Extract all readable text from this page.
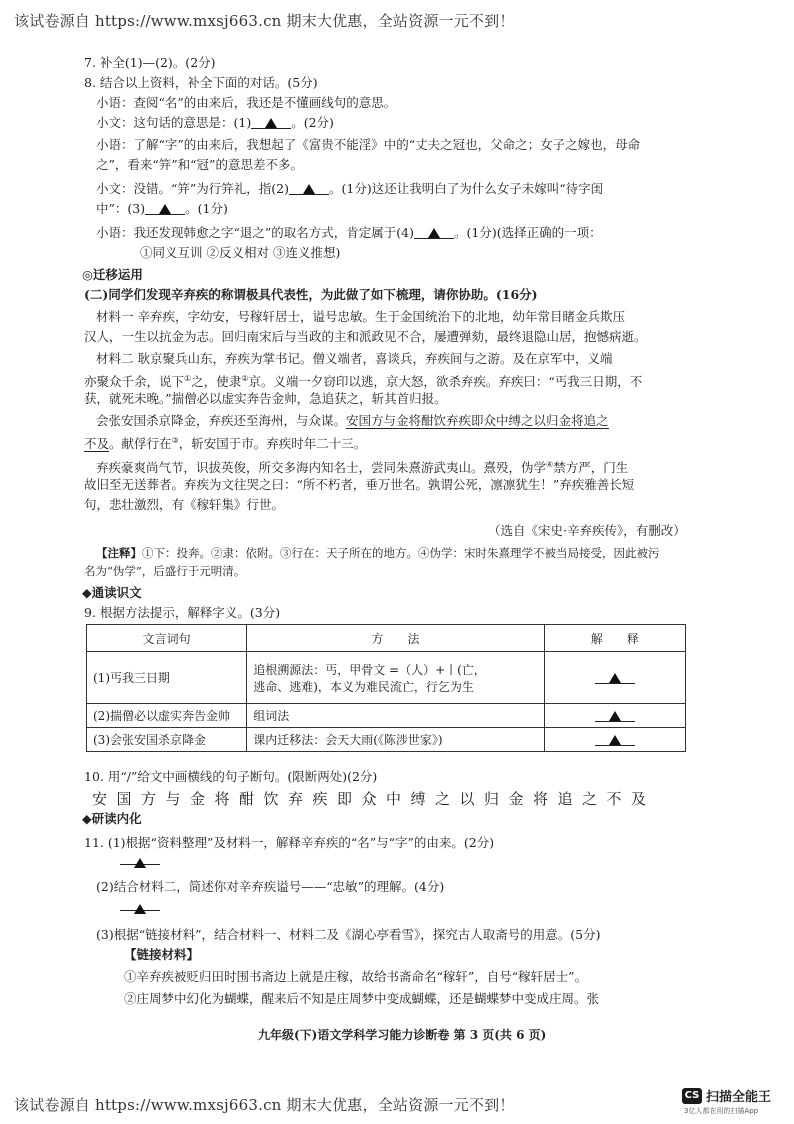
该试卷源自 https://www.mxsj663.cn 期末大优惠，全站资源一元不到！
该试卷源自 https://www.mxsj663.cn 期末大优惠，全站资源一元不到！
7. 补全(1)—(2)。(2分)
8. 结合以上资料，补全下面的对话。(5分)
小语：查阅“名”的由来后，我还是不懂画线句的意思。
小文：这句话的意思是：(1)	。(2分)
小语：了解“字”的由来后，我想起了《富贵不能淫》中的“丈夫之冠也，父命之；女子之嫁也，母命
之”，看来“笄”和“冠”的意思差不多。
小文：没错。“笄”为行笄礼，指(2)	。(1分)这还让我明白了为什么女子未嫁叫“待字闺
中”：(3)	。(1分)
小语：我还发现韩愈之字“退之”的取名方式，肯定属于(4)	。(1分)(选择正确的一项：
①同义互训 ②反义相对 ③连义推想)
◎迁移运用
(二)同学们发现辛弃疾的称谓极具代表性，为此做了如下梳理，请你协助。(16分)
材料一 辛弃疾，字幼安，号稼轩居士，谥号忠敏。生于金国统治下的北地，幼年常目睹金兵欺压
汉人，一生以抗金为志。回归南宋后与当政的主和派政见不合，屡遭弹劾，最终退隐山居，抱憾病逝。
材料二 耿京聚兵山东，弃疾为掌书记。僧义端者，喜谈兵，弃疾间与之游。及在京军中，义端
亦聚众千余，说下①之，使隶②京。义端一夕窃印以逃，京大怒，欲杀弃疾。弃疾曰：“丐我三日期，不
获，就死未晚。”揣僧必以虚实奔告金帅，急追获之，斩其首归报。
会张安国杀京降金，弃疾还至海州，与众谋。安国方与金将酣饮弃疾即众中缚之以归金将追之
不及。献俘行在③，斩安国于市。弃疾时年二十三。
弃疾豪爽尚气节，识拔英俊，所交多海内知名士，尝同朱熹游武夷山。熹殁，伪学④禁方严，门生
故旧至无送葬者。弃疾为文往哭之曰：“所不朽者，垂万世名。孰谓公死，凛凛犹生！”弃疾雅善长短
句，悲壮激烈，有《稼轩集》行世。
（选自《宋史·辛弃疾传》，有删改）
【注释】①下：投奔。②隶：依附。③行在：天子所在的地方。④伪学：宋时朱熹理学不被当局接受，因此被污
名为“伪学”，后盛行于元明清。
◆通读识文
9. 根据方法提示，解释字义。(3分)
文言词句	方　　法	解　　释
(1)丐我三日期	追根溯源法：丐，甲骨文 =（人）+丨(亡，
逃命、逃难)，本义为难民流亡，行乞为生	

(2)揣僧必以虚实奔告金帅	组词法	
(3)会张安国杀京降金	课内迁移法：会天大雨(《陈涉世家》)	
10. 用“/”给文中画横线的句子断句。(限断两处)(2分)
安国方与金将酣饮弃疾即众中缚之以归金将追之不及
◆研读内化
11. (1)根据“资料整理”及材料一，解释辛弃疾的“名”与“字”的由来。(2分)
(2)结合材料二，简述你对辛弃疾谥号——“忠敏”的理解。(4分)
(3)根据“链接材料”，结合材料一、材料二及《湖心亭看雪》，探究古人取斋号的用意。(5分)
【链接材料】
①辛弃疾被贬归田时围书斋边上就是庄稼，故给书斋命名“稼轩”，自号“稼轩居士”。
②庄周梦中幻化为蝴蝶，醒来后不知是庄周梦中变成蝴蝶，还是蝴蝶梦中变成庄周。张
九年级(下)语文学科学习能力诊断卷 第 3 页(共 6 页)
CS 扫描全能王
3亿人都在用的扫描App
